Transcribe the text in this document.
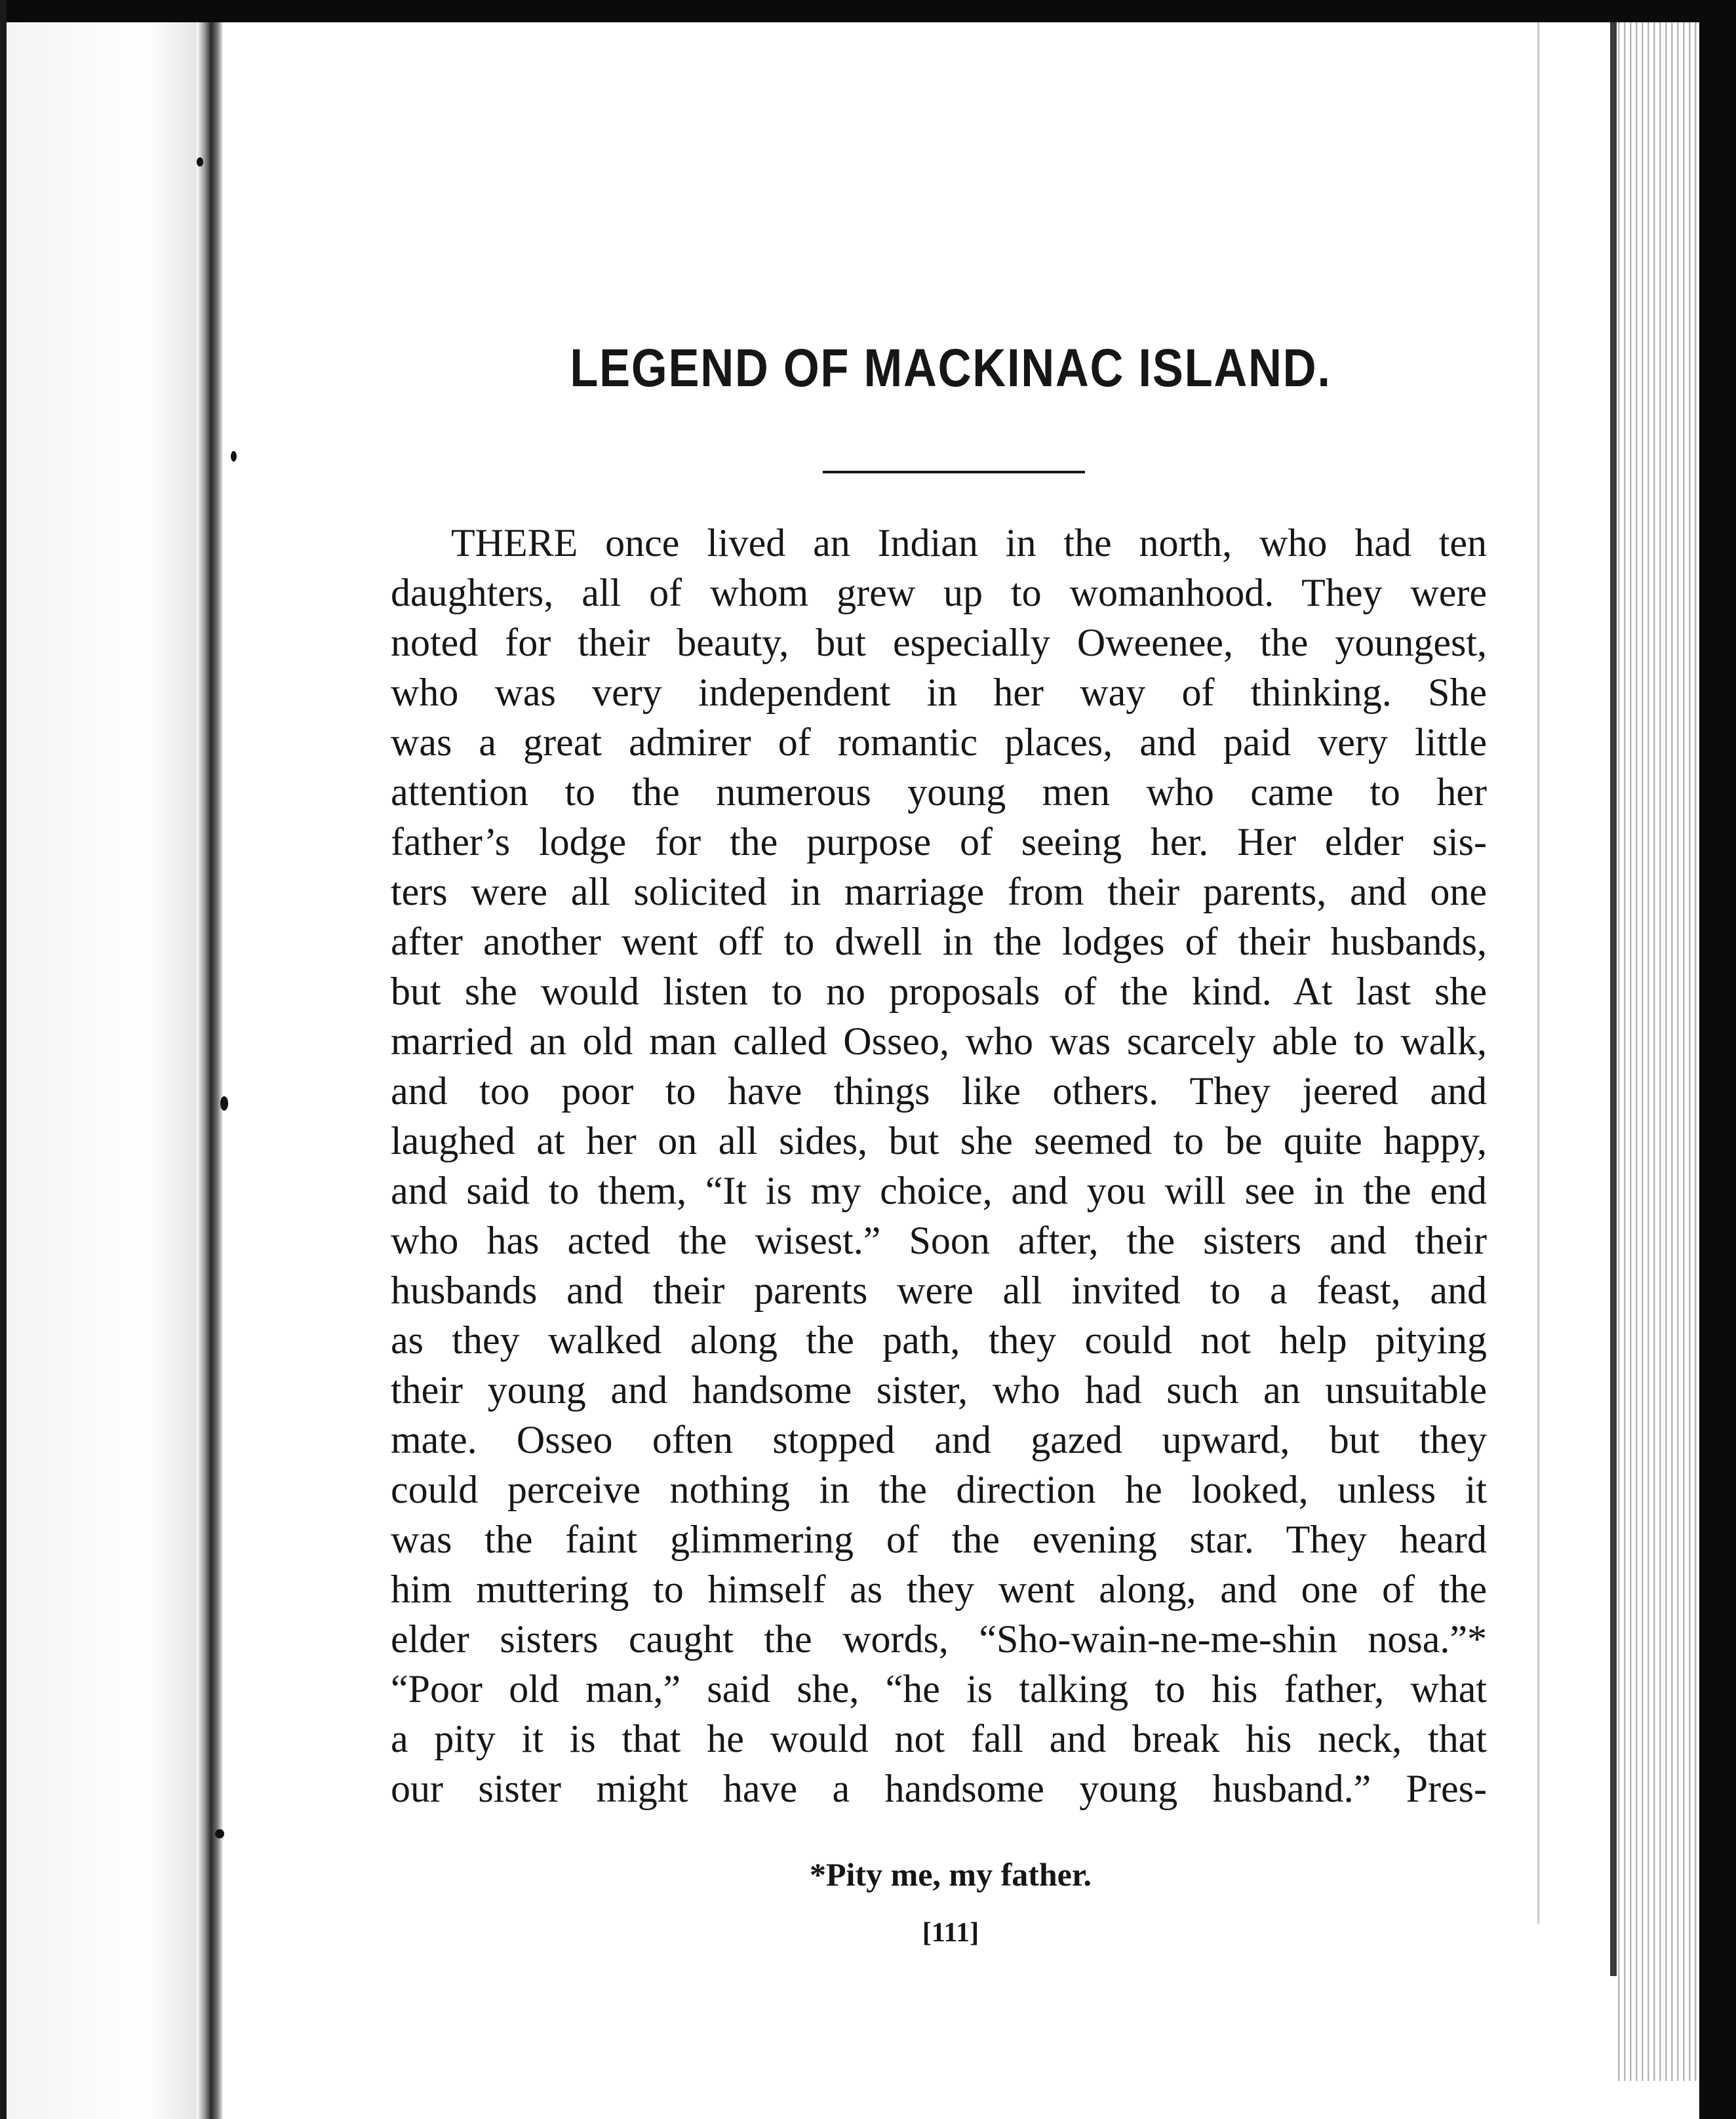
LEGEND OF MACKINAC ISLAND.
THERE once lived an Indian in the north, who had ten
daughters, all of whom grew up to womanhood. They were
noted for their beauty, but especially Oweenee, the youngest,
who was very independent in her way of thinking. She
was a great admirer of romantic places, and paid very little
attention to the numerous young men who came to her
father’s lodge for the purpose of seeing her. Her elder sis-
ters were all solicited in marriage from their parents, and one
after another went off to dwell in the lodges of their husbands,
but she would listen to no proposals of the kind. At last she
married an old man called Osseo, who was scarcely able to walk,
and too poor to have things like others. They jeered and
laughed at her on all sides, but she seemed to be quite happy,
and said to them, “It is my choice, and you will see in the end
who has acted the wisest.” Soon after, the sisters and their
husbands and their parents were all invited to a feast, and
as they walked along the path, they could not help pitying
their young and handsome sister, who had such an unsuitable
mate. Osseo often stopped and gazed upward, but they
could perceive nothing in the direction he looked, unless it
was the faint glimmering of the evening star. They heard
him muttering to himself as they went along, and one of the
elder sisters caught the words, “Sho-wain-ne-me-shin nosa.”*
“Poor old man,” said she, “he is talking to his father, what
a pity it is that he would not fall and break his neck, that
our sister might have a handsome young husband.” Pres-

*Pity me, my father.

[111]
